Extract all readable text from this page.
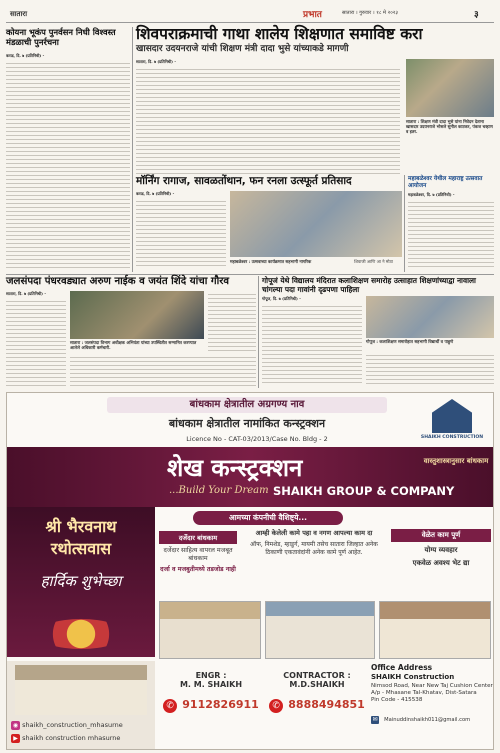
सातारा	प्रभात	सातारा । गुरुवार । १८ मे २०२३	३
कोयना भूकंप पुनर्वसन निधी विश्वस्त मंडळाची पुनर्रचना
कराड, दि. ७ (प्रतिनिधी) -
शिवपराक्रमाची गाथा शालेय शिक्षणात समाविष्ट करा
खासदार उदयनराजे यांची शिक्षण मंत्री दादा भुसे यांच्याकडे मागणी
सातारा, दि. ७ (प्रतिनिधी) -
सातारा : शिक्षण मंत्री दादा भुसे यांना निवेदन देताना खासदार उदयनराजे भोसले सुनील काटकर, पंकज चव्हाण व इतर.
मॉर्निंग रागाज, सावळतोंथान, फन रनला उत्स्फूर्त प्रतिसाद
कराड, दि. ७ (प्रतिनिधी) -
महाबळेश्वर : उत्सवाच्या कार्यक्रमात सहभागी नागरिक	शिवाजी आणि आ ने मोठा
महाबळेश्वर येथील महाराष्ट्र उत्सवात आयोजन
महाबळेश्वर, दि. ७ (प्रतिनिधी) -
जलसंपदा पंधरवड्यात अरुण नाईक व जयंत शिंदे यांचा गौरव
सातारा, दि. ७ (प्रतिनिधी) -
सातारा : जलसंपदा विभाग अधीक्षक अभियंता यांच्या उपस्थितीत सन्मानित करण्यात आलेले अधिकारी कर्मचारी.
गोपूजं येथे विद्यालय मंदिरात कलाशिक्षण समारोह उत्साहात शिक्षणांच्याद्वा नावाला चांगल्या पदा गावांनी दृढपणा पाहिला
गोपूज, दि. ७ (प्रतिनिधी) -
गोपूज : कलाशिक्षण समारोहात सहभागी विद्यार्थी व पाहुणे
बांधकाम क्षेत्रातील अग्रगण्य नाव
बांधकाम क्षेत्रातील नामांकित कन्स्ट्रक्शन
Licence No - CAT-03/2013/Case No. Bldg - 2	SHAIKH CONSTRUCTION
शेख कन्स्ट्रक्शन	वास्तुशास्त्रानुसार बांधकाम
...Build Your Dream SHAIKH GROUP & COMPANY
श्री भैरवनाथ
रथोत्सवास
हार्दिक शुभेच्छा
आमच्या कंपनीची वैशिष्ट्ये...
दर्जेदार बांधकाम
दर्जेदार साहित्य वापरल मजबूत बांधकाम
दर्जा व मजबुतीमध्ये तडजोड नाही
आम्ही केलेली कामे पहा व नगण आपल्या काम दा
ऑफ, निमशेड, म्हाडुर्ग, मायमी तसेच सातारा जिल्हात अनेक ठिकाणी एकतावंदांनी अनेक कामे पूर्ण आहेत.
वेळेत काम पूर्ण
योग्य व्यवहार
एकवेळ अवश्य भेट द्या
◉ shaikh_construction_mhasurne
▶ shaikh construction mhasurne
ENGR :
M. M. SHAIKH
✆ 9112826911
CONTRACTOR :
M.D.SHAIKH
✆ 8888494851
Office Address
SHAIKH Construction
Nimsod Road, Near New Taj Cushion Center
A/p - Mhasane Tal-Khatav, Dist-Satara
Pin Code - 415538
✉ Mainuddinshaikh011@gmail.com
